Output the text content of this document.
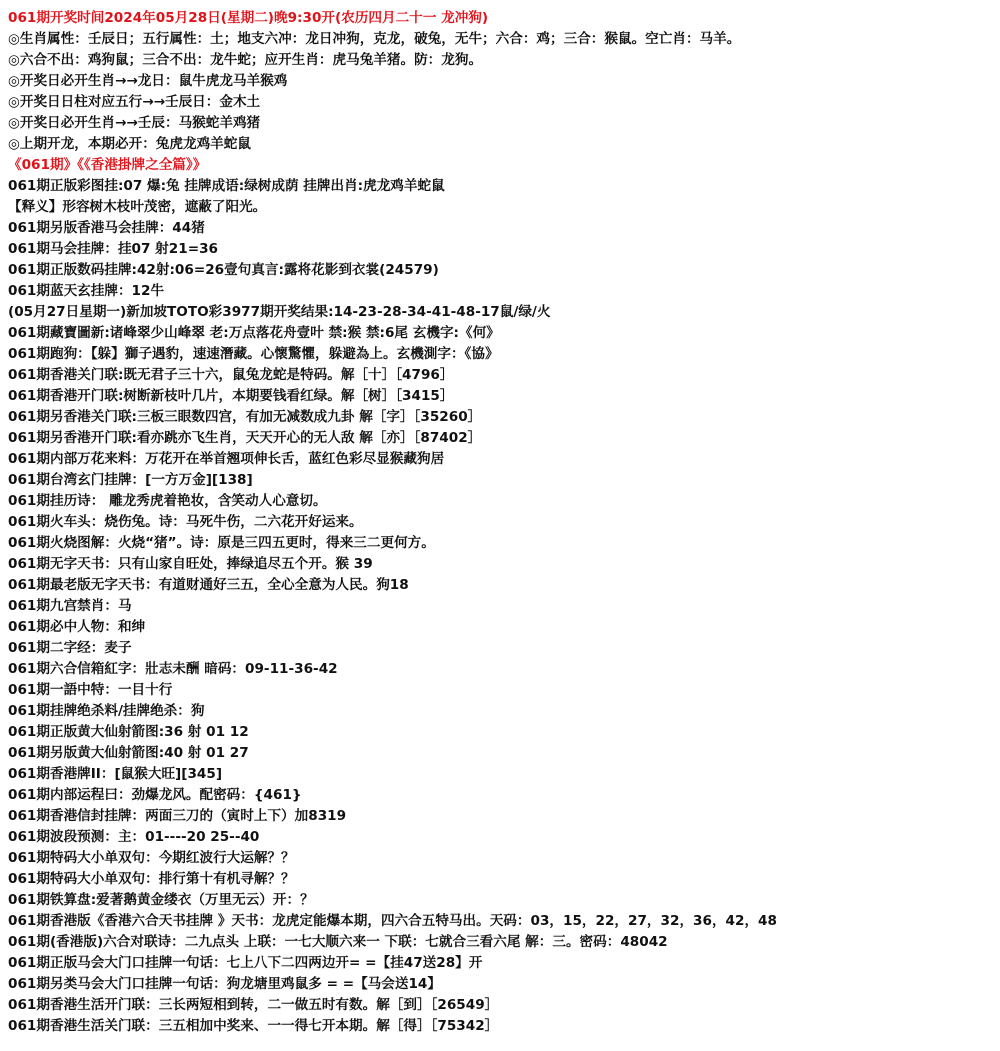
061期开奖时间2024年05月28日(星期二)晚9:30开(农历四月二十一 龙冲狗)
◎生肖属性：壬辰日；五行属性：土；地支六冲：龙日冲狗，克龙，破兔，无牛；六合：鸡；三合：猴鼠。空亡肖：马羊。
◎六合不出：鸡狗鼠；三合不出：龙牛蛇；应开生肖：虎马兔羊猪。防：龙狗。
◎开奖日必开生肖→→龙日：鼠牛虎龙马羊猴鸡
◎开奖日日柱对应五行→→壬辰日：金木土
◎开奖日必开生肖→→壬辰：马猴蛇羊鸡猪
◎上期开龙，本期必开：兔虎龙鸡羊蛇鼠
《061期》《《香港掛牌之全篇》》
061期正版彩图挂:07 爆:兔 挂牌成语:绿树成荫 挂牌出肖:虎龙鸡羊蛇鼠
【释义】形容树木枝叶茂密，遮蔽了阳光。
061期另版香港马会挂牌：44猪
061期马会挂牌：挂07 射21=36
061期正版数码挂牌:42射:06=26壹句真言:露将花影到衣裳(24579)
061期蓝天玄挂牌：12牛
(05月27日星期一)新加坡TOTO彩3977期开奖结果:14-23-28-34-41-48-17鼠/绿/火
061期藏寶圖新:诸峰翠少山峰翠 老:万点落花舟壹叶 禁:猴 禁:6尾 玄機字:《何》
061期跑狗：【躲】獅子遇豹，速速潛藏。心懷驚懼，躲避為上。玄機測字：《協》
061期香港关门联:既无君子三十六，鼠兔龙蛇是特码。解［十］［4796］
061期香港开门联:树断新枝叶几片，本期要钱看红绿。解［树］［3415］
061期另香港关门联:三板三眼数四宫，有加无减数成九卦 解［字］［35260］
061期另香港开门联:看亦跳亦飞生肖，天天开心的无人敌 解［亦］［87402］
061期内部万花来料：万花开在举首翘项伸长舌，蓝红色彩尽显猴藏狗居
061期台湾玄门挂牌：[一方万金][138]
061期挂历诗： 雕龙秀虎着艳妆，含笑动人心意切。
061期火车头：烧伤兔。诗：马死牛伤，二六花开好运来。
061期火烧图解：火烧“猪”。诗：原是三四五更时，得来三二更何方。
061期无字天书：只有山家自旺处，捧绿追尽五个开。猴 39
061期最老版无字天书：有道财通好三五，全心全意为人民。狗18
061期九宫禁肖：马
061期必中人物：和绅
061期二字经：麦子
061期六合信箱紅字：壯志未酬 暗码：09-11-36-42
061期一語中特：一目十行
061期挂牌绝杀料/挂牌绝杀：狗
061期正版黄大仙射箭图:36 射 01 12
061期另版黄大仙射箭图:40 射 01 27
061期香港牌II：[鼠猴大旺][345]
061期内部运程曰：劲爆龙风。配密码：{461}
061期香港信封挂牌：两面三刀的（寅时上下）加8319
061期波段预测：主：01----20 25--40
061期特码大小单双句：今期红波行大运解？？
061期特码大小单双句：排行第十有机寻解？？
061期铁算盘:爱著鹅黄金缕衣（万里无云）开：？
061期香港版《香港六合天书挂牌 》天书：龙虎定能爆本期，四六合五特马出。天码：03，15，22，27，32，36，42，48
061期(香港版)六合对联诗：二九点头 上联：一七大顺六来一 下联：七就合三看六尾 解：三。密码：48042
061期正版马会大门口挂牌一句话：七上八下二四两边开= =【挂47送28】开
061期另类马会大门口挂牌一句话：狗龙塘里鸡鼠多 = =【马会送14】
061期香港生活开门联：三长两短相到转，二一做五时有数。解［到］［26549］
061期香港生活关门联：三五相加中奖来、一一得七开本期。解［得］［75342］
